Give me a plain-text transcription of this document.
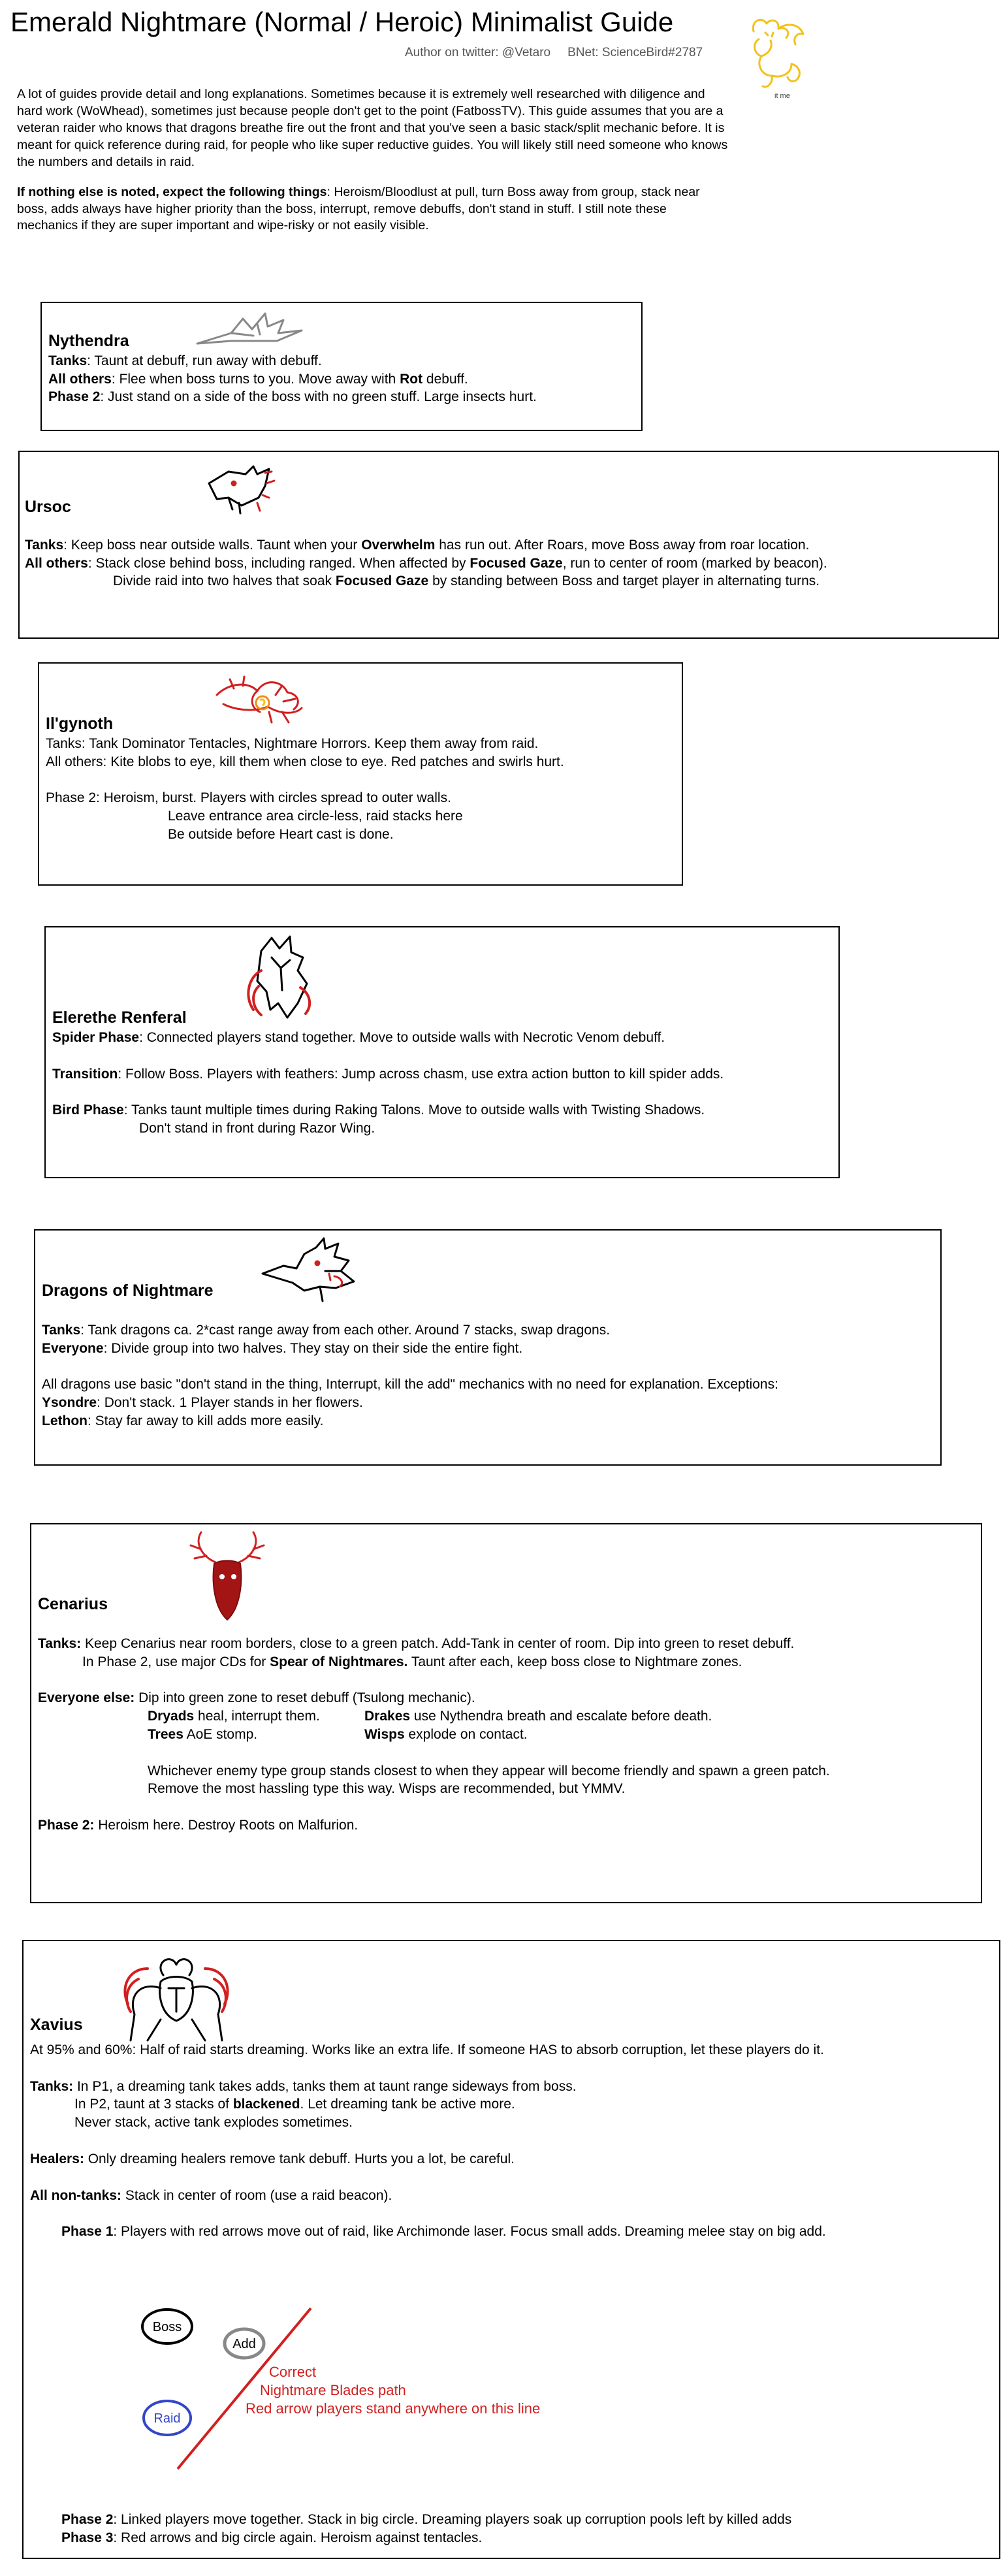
Emerald Nightmare (Normal / Heroic) Minimalist Guide
Author on twitter: @Vetaro BNet: ScienceBird#2787
it me

A lot of guides provide detail and long explanations. Sometimes because it is extremely well researched with diligence and hard work (WoWhead), sometimes just because people don't get to the point (FatbossTV). This guide assumes that you are a veteran raider who knows that dragons breathe fire out the front and that you've seen a basic stack/split mechanic before. It is meant for quick reference during raid, for people who like super reductive guides. You will likely still need someone who knows the numbers and details in raid.

If nothing else is noted, expect the following things: Heroism/Bloodlust at pull, turn Boss away from group, stack near boss, adds always have higher priority than the boss, interrupt, remove debuffs, don't stand in stuff. I still note these mechanics if they are super important and wipe-risky or not easily visible.

Nythendra
Tanks: Taunt at debuff, run away with debuff.
All others: Flee when boss turns to you. Move away with Rot debuff.
Phase 2: Just stand on a side of the boss with no green stuff. Large insects hurt.
Ursoc
Tanks: Keep boss near outside walls. Taunt when your Overwhelm has run out. After Roars, move Boss away from roar location.
All others: Stack close behind boss, including ranged. When affected by Focused Gaze, run to center of room (marked by beacon).
Divide raid into two halves that soak Focused Gaze by standing between Boss and target player in alternating turns.
Il'gynoth
Tanks: Tank Dominator Tentacles, Nightmare Horrors. Keep them away from raid.
All others: Kite blobs to eye, kill them when close to eye. Red patches and swirls hurt.
Phase 2: Heroism, burst. Players with circles spread to outer walls.
Leave entrance area circle-less, raid stacks here
Be outside before Heart cast is done.
Elerethe Renferal
Spider Phase: Connected players stand together. Move to outside walls with Necrotic Venom debuff.
Transition: Follow Boss. Players with feathers: Jump across chasm, use extra action button to kill spider adds.
Bird Phase: Tanks taunt multiple times during Raking Talons. Move to outside walls with Twisting Shadows.
Don't stand in front during Razor Wing.
Dragons of Nightmare
Tanks: Tank dragons ca. 2*cast range away from each other. Around 7 stacks, swap dragons.
Everyone: Divide group into two halves. They stay on their side the entire fight.
All dragons use basic "don't stand in the thing, Interrupt, kill the add" mechanics with no need for explanation. Exceptions:
Ysondre: Don't stack. 1 Player stands in her flowers.
Lethon: Stay far away to kill adds more easily.
Cenarius
Tanks: Keep Cenarius near room borders, close to a green patch. Add-Tank in center of room. Dip into green to reset debuff.
In Phase 2, use major CDs for Spear of Nightmares. Taunt after each, keep boss close to Nightmare zones.
Everyone else: Dip into green zone to reset debuff (Tsulong mechanic).
Dryads heal, interrupt them.	Drakes use Nythendra breath and escalate before death.
Trees AoE stomp.	Wisps explode on contact.
Whichever enemy type group stands closest to when they appear will become friendly and spawn a green patch.
Remove the most hassling type this way. Wisps are recommended, but YMMV.
Phase 2: Heroism here. Destroy Roots on Malfurion.
Xavius
At 95% and 60%: Half of raid starts dreaming. Works like an extra life. If someone HAS to absorb corruption, let these players do it.
Tanks: In P1, a dreaming tank takes adds, tanks them at taunt range sideways from boss.
In P2, taunt at 3 stacks of blackened. Let dreaming tank be active more.
Never stack, active tank explodes sometimes.
Healers: Only dreaming healers remove tank debuff. Hurts you a lot, be careful.
All non-tanks: Stack in center of room (use a raid beacon).
Phase 1: Players with red arrows move out of raid, like Archimonde laser. Focus small adds. Dreaming melee stay on big add.
Boss
Add
Raid
Correct
Nightmare Blades path
Red arrow players stand anywhere on this line
Phase 2: Linked players move together. Stack in big circle. Dreaming players soak up corruption pools left by killed adds
Phase 3: Red arrows and big circle again. Heroism against tentacles.
